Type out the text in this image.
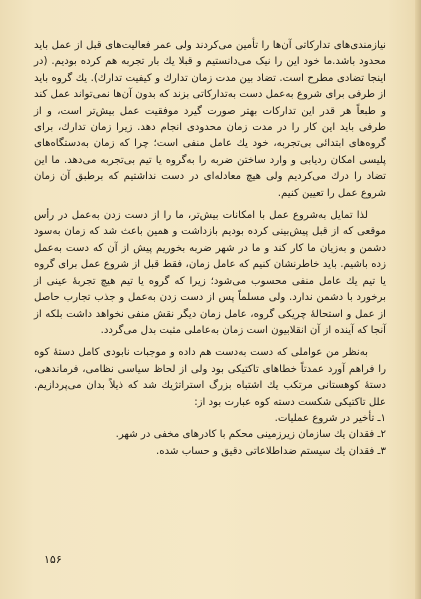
نیازمندی‌های تدارکاتی آن‌ها را تأمین می‌کردند ولی عمر فعالیت‌های قبل از عمل باید محدود باشد.ما خود این را نیک می‌دانستیم و قبلا یك بار تجربه هم کرده بودیم. (در اینجا تضادی مطرح است. تضاد بین مدت زمان تدارك و کیفیت تدارك). یك گروه باید از طرفی برای شروع به‌عمل دست به‌تدارکاتی بزند که بدون آن‌ها نمی‌تواند عمل کند و طبعاً هر قدر این تدارکات بهتر صورت گیرد موفقیت عمل بیش‌تر است، و از طرفی باید این کار را در مدت زمان محدودی انجام دهد. زیرا زمان تدارك، برای گروه‌های ابتدائی بی‌تجربه، خود یك عامل منفی است؛ چرا که زمان به‌دستگاه‌های پلیسی امکان ردیابی و وارد ساختن ضربه را به‌گروه یا تیم بی‌تجربه می‌دهد. ما این تضاد را درك می‌کردیم ولی هیچ معادله‌ای در دست نداشتیم که برطبق آن زمان شروع عمل را تعیین کنیم.

لذا تمایل به‌شروع عمل با امکانات بیش‌تر، ما را از دست زدن به‌عمل در رأس موقعی که از قبل پیش‌بینی کرده بودیم بازداشت و همین باعث شد که زمان به‌سود دشمن و به‌زیان ما کار کند و ما در شهر ضربه بخوریم پیش از آن که دست به‌عمل زده باشیم. باید خاطرنشان کنیم که عامل زمان، فقط قبل از شروع عمل برای گروه یا تیم یك عامل منفی محسوب می‌شود؛ زیرا که گروه یا تیم هیچ تجربهٔ عینی از برخورد با دشمن ندارد. ولی مسلماً پس از دست زدن به‌عمل و جذب تجارب حاصل از عمل و استحالهٔ چریکی گروه، عامل زمان دیگر نقش منفی نخواهد داشت بلکه از آنجا که آینده از آن انقلابیون است زمان به‌عاملی مثبت بدل می‌گردد.

به‌نظر من عواملی که دست به‌دست هم داده و موجبات نابودی کامل دستهٔ کوه را فراهم آورد عمدتاً خطاهای تاکتیکی بود ولی از لحاظ سیاسی نظامی، فرماندهی، دستهٔ کوهستانی مرتکب یك اشتباه بزرگ استراتژیك شد که ذیلاً بدان می‌پردازیم. علل تاکتیکی شکست دسته کوه عبارت بود از:

۱ـ تأخیر در شروع عملیات.
۲ـ فقدان یك سازمان زیرزمینی محکم با کادرهای مخفی در شهر.
۳ـ فقدان یك سیستم ضداطلاعاتی دقیق و حساب شده.
۱۵۶
